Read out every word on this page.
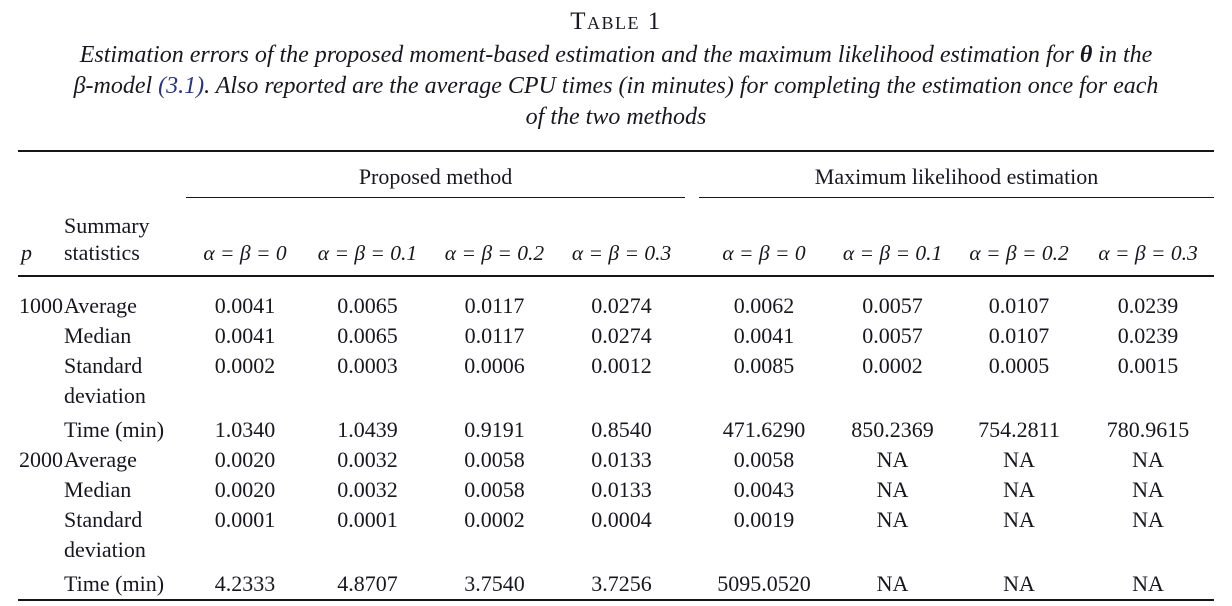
Table 1
Estimation errors of the proposed moment-based estimation and the maximum likelihood estimation for θ in the
β-model (3.1). Also reported are the average CPU times (in minutes) for completing the estimation once for each
of the two methods
		Proposed method					Maximum likelihood estimation			
p	Summary statistics	α = β = 0	α = β = 0.1	α = β = 0.2	α = β = 0.3		α = β = 0	α = β = 0.1	α = β = 0.2	α = β = 0.3
1000	Average	0.0041	0.0065	0.0117	0.0274		0.0062	0.0057	0.0107	0.0239
	Median	0.0041	0.0065	0.0117	0.0274		0.0041	0.0057	0.0107	0.0239
	Standard deviation	0.0002	0.0003	0.0006	0.0012		0.0085	0.0002	0.0005	0.0015
	Time (min)	1.0340	1.0439	0.9191	0.8540		471.6290	850.2369	754.2811	780.9615
2000	Average	0.0020	0.0032	0.0058	0.0133		0.0058	NA	NA	NA
	Median	0.0020	0.0032	0.0058	0.0133		0.0043	NA	NA	NA
	Standard deviation	0.0001	0.0001	0.0002	0.0004		0.0019	NA	NA	NA
	Time (min)	4.2333	4.8707	3.7540	3.7256		5095.0520	NA	NA	NA
